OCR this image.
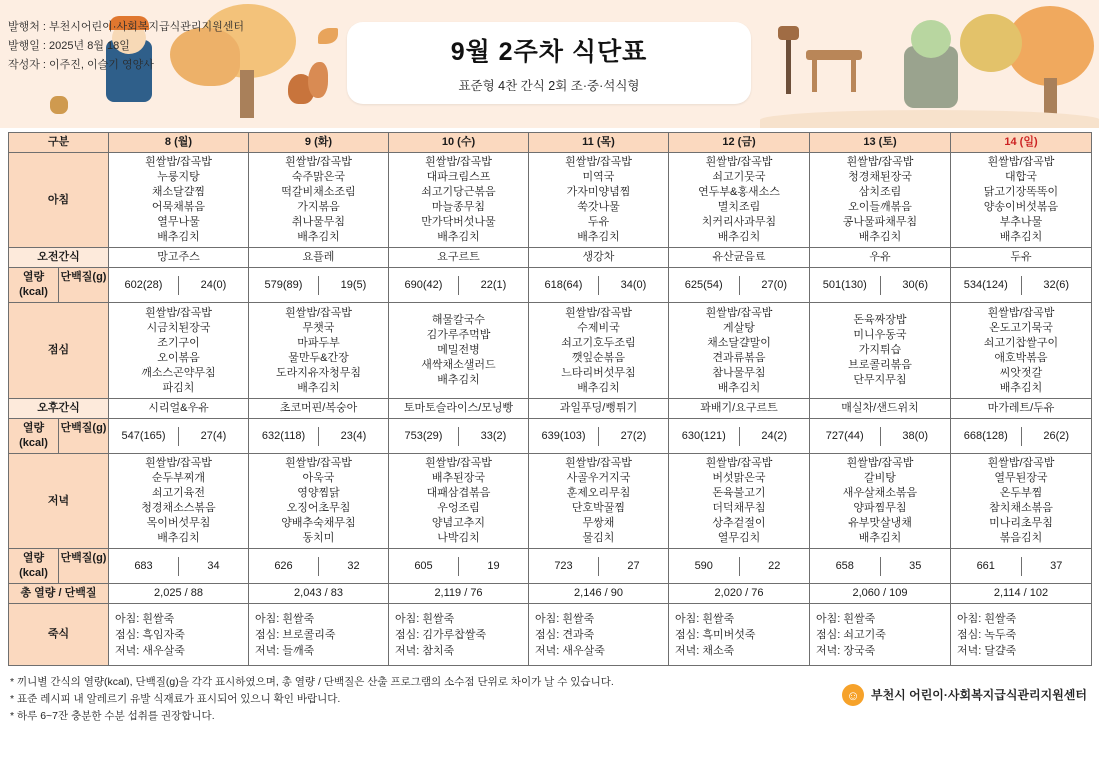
발행처 : 부천시어린이·사회복지급식관리지원센터
발행일 : 2025년 8월 18일
작성자 : 이주진, 이슬기 영양사	9월 2주차 식단표
표준형 4찬 간식 2회 조·중·석식형
구분	8 (월)	9 (화)	10 (수)	11 (목)	12 (금)	13 (토)	14 (일)
아침	흰쌀밥/잡곡밥
누룽지탕
채소달걀찜
어묵채볶음
열무나물
배추김치	흰쌀밥/잡곡밥
숙주맑은국
떡갈비채소조림
가지볶음
취나물무침
배추김치	흰쌀밥/잡곡밥
대파크림스프
쇠고기당근볶음
마늘종무침
만가닥버섯나물
배추김치	흰쌀밥/잡곡밥
미역국
가자미양념찜
쑥갓나물
두유
배추김치	흰쌀밥/잡곡밥
쇠고기뭇국
연두부&홍새소스
멸치조림
치커리사과무침
배추김치	흰쌀밥/잡곡밥
청경채된장국
삼치조림
오이들깨볶음
콩나물파채무침
배추김치	흰쌀밥/잡곡밥
대합국
닭고기장똑똑이
양송이버섯볶음
부추나물
배추김치
오전간식	망고주스	요플레	요구르트	생강차	유산균음료	우유	두유

열량(kcal)
단백질(g)

602(28)	24(0)	579(89)	19(5)	690(42)	22(1)	618(64)	34(0)	625(54)	27(0)	501(130)	30(6)	534(124)	32(6)

점심	흰쌀밥/잡곡밥
시금치된장국
조기구이
오이볶음
깨소스곤약무침
파김치	흰쌀밥/잡곡밥
무챗국
마파두부
물만두&간장
도라지유자청무침
배추김치	해물칼국수
김가루주먹밥
메밀전병
새싹채소샐러드
배추김치	흰쌀밥/잡곡밥
수제비국
쇠고기호두조림
깻잎순볶음
느타리버섯무침
배추김치	흰쌀밥/잡곡밥
게살탕
채소달걀말이
견과류볶음
참나물무침
배추김치	돈육짜장밥
미니우동국
가지튀습
브로콜리볶음
단무지무침	흰쌀밥/잡곡밥
온도고기묵국
쇠고기찹쌀구이
애호박볶음
씨앗젓갈
배추김치
오후간식	시리얼&우유	초코머핀/복숭아	토마토슬라이스/모닝빵	과일푸딩/뻥튀기	꽈배기/요구르트	매실차/샌드위치	마가레트/두유

열량(kcal)
단백질(g)

547(165)	27(4)	632(118)	23(4)	753(29)	33(2)	639(103)	27(2)	630(121)	24(2)	727(44)	38(0)	668(128)	26(2)

저녁	흰쌀밥/잡곡밥
순두부찌개
쇠고기육전
청경채소스볶음
목이버섯무침
배추김치	흰쌀밥/잡곡밥
아욱국
영양찜닭
오징어초무침
양배추숙채무침
동치미	흰쌀밥/잡곡밥
배추된장국
대패삼겹볶음
우엉조림
양념고추지
나박김치	흰쌀밥/잡곡밥
사골우거지국
훈제오리무침
단호박꿀찜
무쌍채
물김치	흰쌀밥/잡곡밥
버섯맑은국
돈육불고기
더덕채무침
상추겉절이
열무김치	흰쌀밥/잡곡밥
갈비탕
새우살채소볶음
양파찜무침
유부맛살냉채
배추김치	흰쌀밥/잡곡밥
열무된장국
온두부찜
참치채소볶음
미나리초무침
볶음김치

열량(kcal)
단백질(g)

683	34	626	32	605	19	723	27	590	22	658	35	661	37

총 열량 / 단백질	2,025 / 88	2,043 / 83	2,119 / 76	2,146 / 90	2,020 / 76	2,060 / 109	2,114 / 102
죽식	아침: 흰쌀죽
점심: 흑임자죽
저녁: 새우살죽	아침: 흰쌀죽
점심: 브로콜리죽
저녁: 들깨죽	아침: 흰쌀죽
점심: 김가루찹쌀죽
저녁: 참치죽	아침: 흰쌀죽
점심: 견과죽
저녁: 새우살죽	아침: 흰쌀죽
점심: 흑미버섯죽
저녁: 채소죽	아침: 흰쌀죽
점심: 쇠고기죽
저녁: 장국죽	아침: 흰쌀죽
점심: 녹두죽
저녁: 달걀죽
* 끼니별 간식의 열량(kcal), 단백질(g)을 각각 표시하였으며, 총 열량 / 단백질은 산출 프로그램의 소수점 단위로 차이가 날 수 있습니다.
* 표준 레시피 내 알레르기 유발 식재료가 표시되어 있으니 확인 바랍니다.
* 하루 6~7잔 충분한 수분 섭취를 권장합니다.
☺ 부천시 어린이·사회복지급식관리지원센터
